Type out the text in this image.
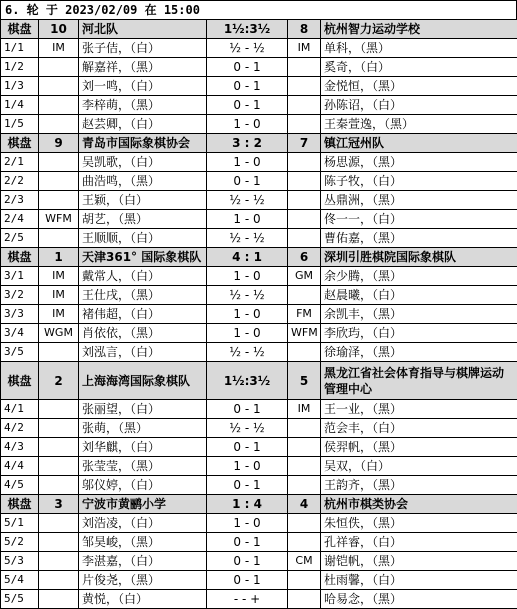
6. 轮 于 2023/02/09 在 15:00
棋盘	10	河北队	1½:3½	8	杭州智力运动学校
1/1	IM	张子佶，（白）	½ - ½	IM	单科，（黑）
1/2		解嘉祥，（黑）	0 - 1		奚奇，（白）
1/3		刘一鸣，（白）	0 - 1		金悦恒，（黑）
1/4		李梓萌，（黑）	0 - 1		孙陈诏，（白）
1/5		赵芸卿，（白）	1 - 0		王秦萱逸，（黑）
棋盘	9	青岛市国际象棋协会	3 : 2	7	镇江冠州队
2/1		吴凯歌，（白）	1 - 0		杨思源，（黑）
2/2		曲浩鸣，（黑）	0 - 1		陈子牧，（白）
2/3		王颖，（白）	½ - ½		丛鼎洲，（黑）
2/4	WFM	胡艺，（黑）	1 - 0		佟一一，（白）
2/5		王顺顺，（白）	½ - ½		曹佑嘉，（黑）
棋盘	1	天津361° 国际象棋队	4 : 1	6	深圳引胜棋院国际象棋队
3/1	IM	戴常人，（白）	1 - 0	GM	余少腾，（黑）
3/2	IM	王仕戌，（黑）	½ - ½		赵晨曦，（白）
3/3	IM	褚伟超，（白）	1 - 0	FM	余凯丰，（黑）
3/4	WGM	肖依依，（黑）	1 - 0	WFM	李欣玙，（白）
3/5		刘泓言，（白）	½ - ½		徐瑜泽，（黑）
棋盘	2	上海海湾国际象棋队	1½:3½	5	黑龙江省社会体育指导与棋牌运动管理中心
4/1		张丽望，（白）	0 - 1	IM	王一业，（黑）
4/2		张萌，（黑）	½ - ½		范会丰，（白）
4/3		刘华麒，（白）	0 - 1		侯羿帆，（黑）
4/4		张莹莹，（黑）	1 - 0		吴双，（白）
4/5		邬仪婷，（白）	0 - 1		王韵齐，（黑）
棋盘	3	宁波市黄鹂小学	1 : 4	4	杭州市棋类协会
5/1		刘浩凌，（白）	1 - 0		朱恒佚，（黑）
5/2		邹昊峻，（黑）	0 - 1		孔祥睿，（白）
5/3		李湛嘉，（白）	0 - 1	CM	谢铠帆，（黑）
5/4		片俊尧，（黑）	0 - 1		杜雨馨，（白）
5/5		黄悦，（白）	- - +		哈易念，（黑）
